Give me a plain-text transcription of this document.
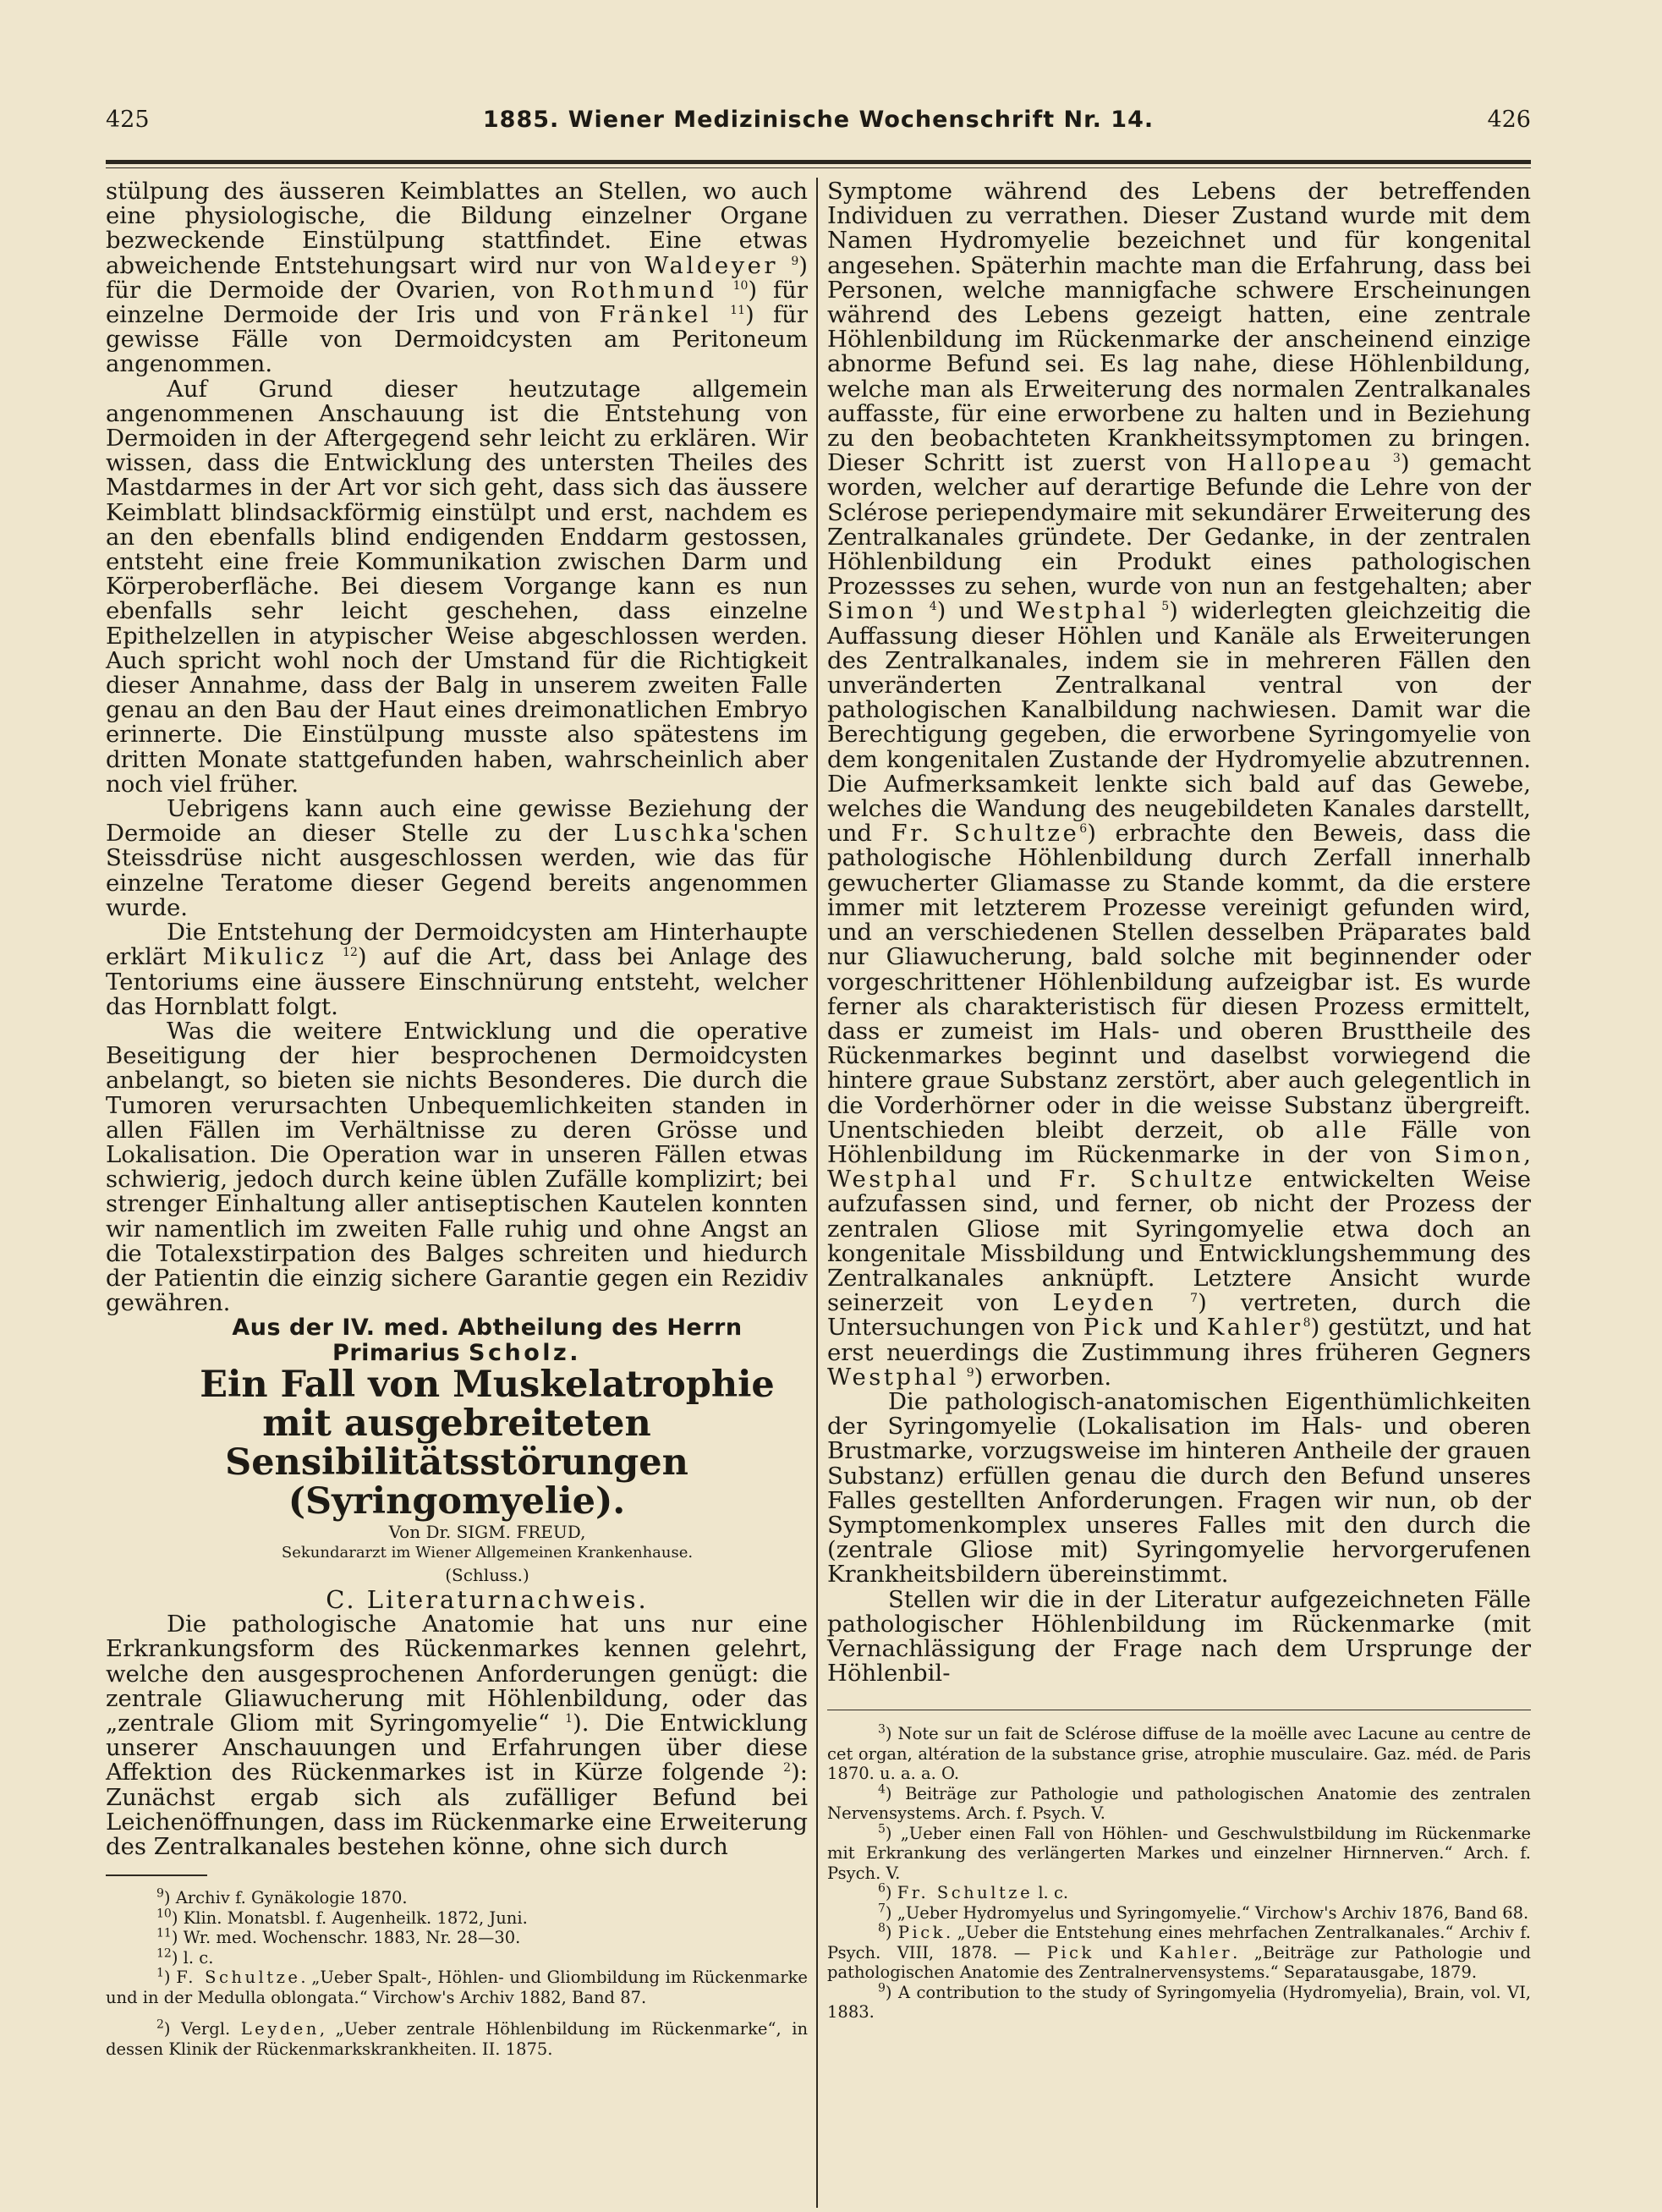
425	1885. Wiener Medizinische Wochenschrift Nr. 14.	426

stülpung des äusseren Keimblattes an Stellen, wo auch eine physiologische, die Bildung einzelner Organe bezweckende Einstülpung stattfindet. Eine etwas abweichende Entstehungsart wird nur von Waldeyer $^9$) für die Dermoide der Ovarien, von Rothmund $^{10}$) für einzelne Dermoide der Iris und von Fränkel $^{11}$) für gewisse Fälle von Dermoidcysten am Peritoneum angenommen.

Auf Grund dieser heutzutage allgemein angenommenen Anschauung ist die Entstehung von Dermoiden in der Aftergegend sehr leicht zu erklären. Wir wissen, dass die Entwicklung des untersten Theiles des Mastdarmes in der Art vor sich geht, dass sich das äussere Keimblatt blindsackförmig einstülpt und erst, nachdem es an den ebenfalls blind endigenden Enddarm gestossen, entsteht eine freie Kommunikation zwischen Darm und Körperoberfläche. Bei diesem Vorgange kann es nun ebenfalls sehr leicht geschehen, dass einzelne Epithelzellen in atypischer Weise abgeschlossen werden. Auch spricht wohl noch der Umstand für die Richtigkeit dieser Annahme, dass der Balg in unserem zweiten Falle genau an den Bau der Haut eines dreimonatlichen Embryo erinnerte. Die Einstülpung musste also spätestens im dritten Monate stattgefunden haben, wahrscheinlich aber noch viel früher.

Uebrigens kann auch eine gewisse Beziehung der Dermoide an dieser Stelle zu der Luschka'schen Steissdrüse nicht ausgeschlossen werden, wie das für einzelne Teratome dieser Gegend bereits angenommen wurde.

Die Entstehung der Dermoidcysten am Hinterhaupte erklärt Mikulicz $^{12}$) auf die Art, dass bei Anlage des Tentoriums eine äussere Einschnürung entsteht, welcher das Hornblatt folgt.

Was die weitere Entwicklung und die operative Beseitigung der hier besprochenen Dermoidcysten anbelangt, so bieten sie nichts Besonderes. Die durch die Tumoren verursachten Unbequemlichkeiten standen in allen Fällen im Verhältnisse zu deren Grösse und Lokalisation. Die Operation war in unseren Fällen etwas schwierig, jedoch durch keine üblen Zufälle komplizirt; bei strenger Einhaltung aller antiseptischen Kautelen konnten wir namentlich im zweiten Falle ruhig und ohne Angst an die Totalexstirpation des Balges schreiten und hiedurch der Patientin die einzig sichere Garantie gegen ein Rezidiv gewähren.

Aus der IV. med. Abtheilung des Herrn Primarius Scholz.

Ein Fall von Muskelatrophie mit ausgebreiteten Sensibilitätsstörungen (Syringomyelie).

Von Dr. SIGM. FREUD,

Sekundararzt im Wiener Allgemeinen Krankenhause.

(Schluss.)

C. Literaturnachweis.

Die pathologische Anatomie hat uns nur eine Erkrankungsform des Rückenmarkes kennen gelehrt, welche den ausgesprochenen Anforderungen genügt: die zentrale Gliawucherung mit Höhlenbildung, oder das „zentrale Gliom mit Syringomyelie“ $^1$). Die Entwicklung unserer Anschauungen und Erfahrungen über diese Affektion des Rückenmarkes ist in Kürze folgende $^2$): Zunächst ergab sich als zufälliger Befund bei Leichenöffnungen, dass im Rückenmarke eine Erweiterung des Zentralkanales bestehen könne, ohne sich durch

$^9$) Archiv f. Gynäkologie 1870.

$^{10}$) Klin. Monatsbl. f. Augenheilk. 1872, Juni.

$^{11}$) Wr. med. Wochenschr. 1883, Nr. 28—30.

$^{12}$) l. c.

$^1$) F. Schultze. „Ueber Spalt-, Höhlen- und Gliombildung im Rückenmarke und in der Medulla oblongata.“ Virchow's Archiv 1882, Band 87.

$^2$) Vergl. Leyden, „Ueber zentrale Höhlenbildung im Rückenmarke“, in dessen Klinik der Rückenmarkskrankheiten. II. 1875.

Symptome während des Lebens der betreffenden Individuen zu verrathen. Dieser Zustand wurde mit dem Namen Hydromyelie bezeichnet und für kongenital angesehen. Späterhin machte man die Erfahrung, dass bei Personen, welche mannigfache schwere Erscheinungen während des Lebens gezeigt hatten, eine zentrale Höhlenbildung im Rückenmarke der anscheinend einzige abnorme Befund sei. Es lag nahe, diese Höhlenbildung, welche man als Erweiterung des normalen Zentralkanales auffasste, für eine erworbene zu halten und in Beziehung zu den beobachteten Krankheitssymptomen zu bringen. Dieser Schritt ist zuerst von Hallopeau $^3$) gemacht worden, welcher auf derartige Befunde die Lehre von der Sclérose periependymaire mit sekundärer Erweiterung des Zentralkanales gründete. Der Gedanke, in der zentralen Höhlenbildung ein Produkt eines pathologischen Prozessses zu sehen, wurde von nun an festgehalten; aber Simon $^4$) und Westphal $^5$) widerlegten gleichzeitig die Auffassung dieser Höhlen und Kanäle als Erweiterungen des Zentralkanales, indem sie in mehreren Fällen den unveränderten Zentralkanal ventral von der pathologischen Kanalbildung nachwiesen. Damit war die Berechtigung gegeben, die erworbene Syringomyelie von dem kongenitalen Zustande der Hydromyelie abzutrennen. Die Aufmerksamkeit lenkte sich bald auf das Gewebe, welches die Wandung des neugebildeten Kanales darstellt, und Fr. Schultze$^6$) erbrachte den Beweis, dass die pathologische Höhlenbildung durch Zerfall innerhalb gewucherter Gliamasse zu Stande kommt, da die erstere immer mit letzterem Prozesse vereinigt gefunden wird, und an verschiedenen Stellen desselben Präparates bald nur Gliawucherung, bald solche mit beginnender oder vorgeschrittener Höhlenbildung aufzeigbar ist. Es wurde ferner als charakteristisch für diesen Prozess ermittelt, dass er zumeist im Hals- und oberen Brusttheile des Rückenmarkes beginnt und daselbst vorwiegend die hintere graue Substanz zerstört, aber auch gelegentlich in die Vorderhörner oder in die weisse Substanz übergreift. Unentschieden bleibt derzeit, ob alle Fälle von Höhlenbildung im Rückenmarke in der von Simon, Westphal und Fr. Schultze entwickelten Weise aufzufassen sind, und ferner, ob nicht der Prozess der zentralen Gliose mit Syringomyelie etwa doch an kongenitale Missbildung und Entwicklungshemmung des Zentralkanales anknüpft. Letztere Ansicht wurde seinerzeit von Leyden	$^7$) vertreten, durch die Untersuchungen von Pick und Kahler$^8$) gestützt, und hat erst neuerdings die Zustimmung ihres früheren Gegners Westphal $^9$) erworben.

Die pathologisch-anatomischen Eigenthümlichkeiten der Syringomyelie (Lokalisation im Hals- und oberen Brustmarke, vorzugsweise im hinteren Antheile der grauen Substanz) erfüllen genau die durch den Befund unseres Falles gestellten Anforderungen. Fragen wir nun, ob der Symptomenkomplex unseres Falles mit den durch die (zentrale Gliose mit) Syringomyelie hervorgerufenen Krankheitsbildern übereinstimmt.

Stellen wir die in der Literatur aufgezeichneten Fälle pathologischer Höhlenbildung im Rückenmarke (mit Vernachlässigung der Frage nach dem Ursprunge der Höhlenbil-

$^3$) Note sur un fait de Sclérose diffuse de la moëlle avec Lacune au centre de cet organ, altération de la substance grise, atrophie musculaire. Gaz. méd. de Paris 1870. u. a. a. O.

$^4$) Beiträge zur Pathologie und pathologischen Anatomie des zentralen Nervensystems. Arch. f. Psych. V.

$^5$) „Ueber einen Fall von Höhlen- und Geschwulstbildung im Rückenmarke mit Erkrankung des verlängerten Markes und einzelner Hirnnerven.“ Arch. f. Psych. V.

$^6$) Fr. Schultze l. c.

$^7$) „Ueber Hydromyelus und Syringomyelie.“ Virchow's Archiv 1876, Band 68.

$^8$) Pick. „Ueber die Entstehung eines mehrfachen Zentralkanales.“ Archiv f. Psych. VIII, 1878. — Pick und Kahler. „Beiträge zur Pathologie und pathologischen Anatomie des Zentralnervensystems.“ Separatausgabe, 1879.

$^9$) A contribution to the study of Syringomyelia (Hydromyelia), Brain, vol. VI, 1883.
